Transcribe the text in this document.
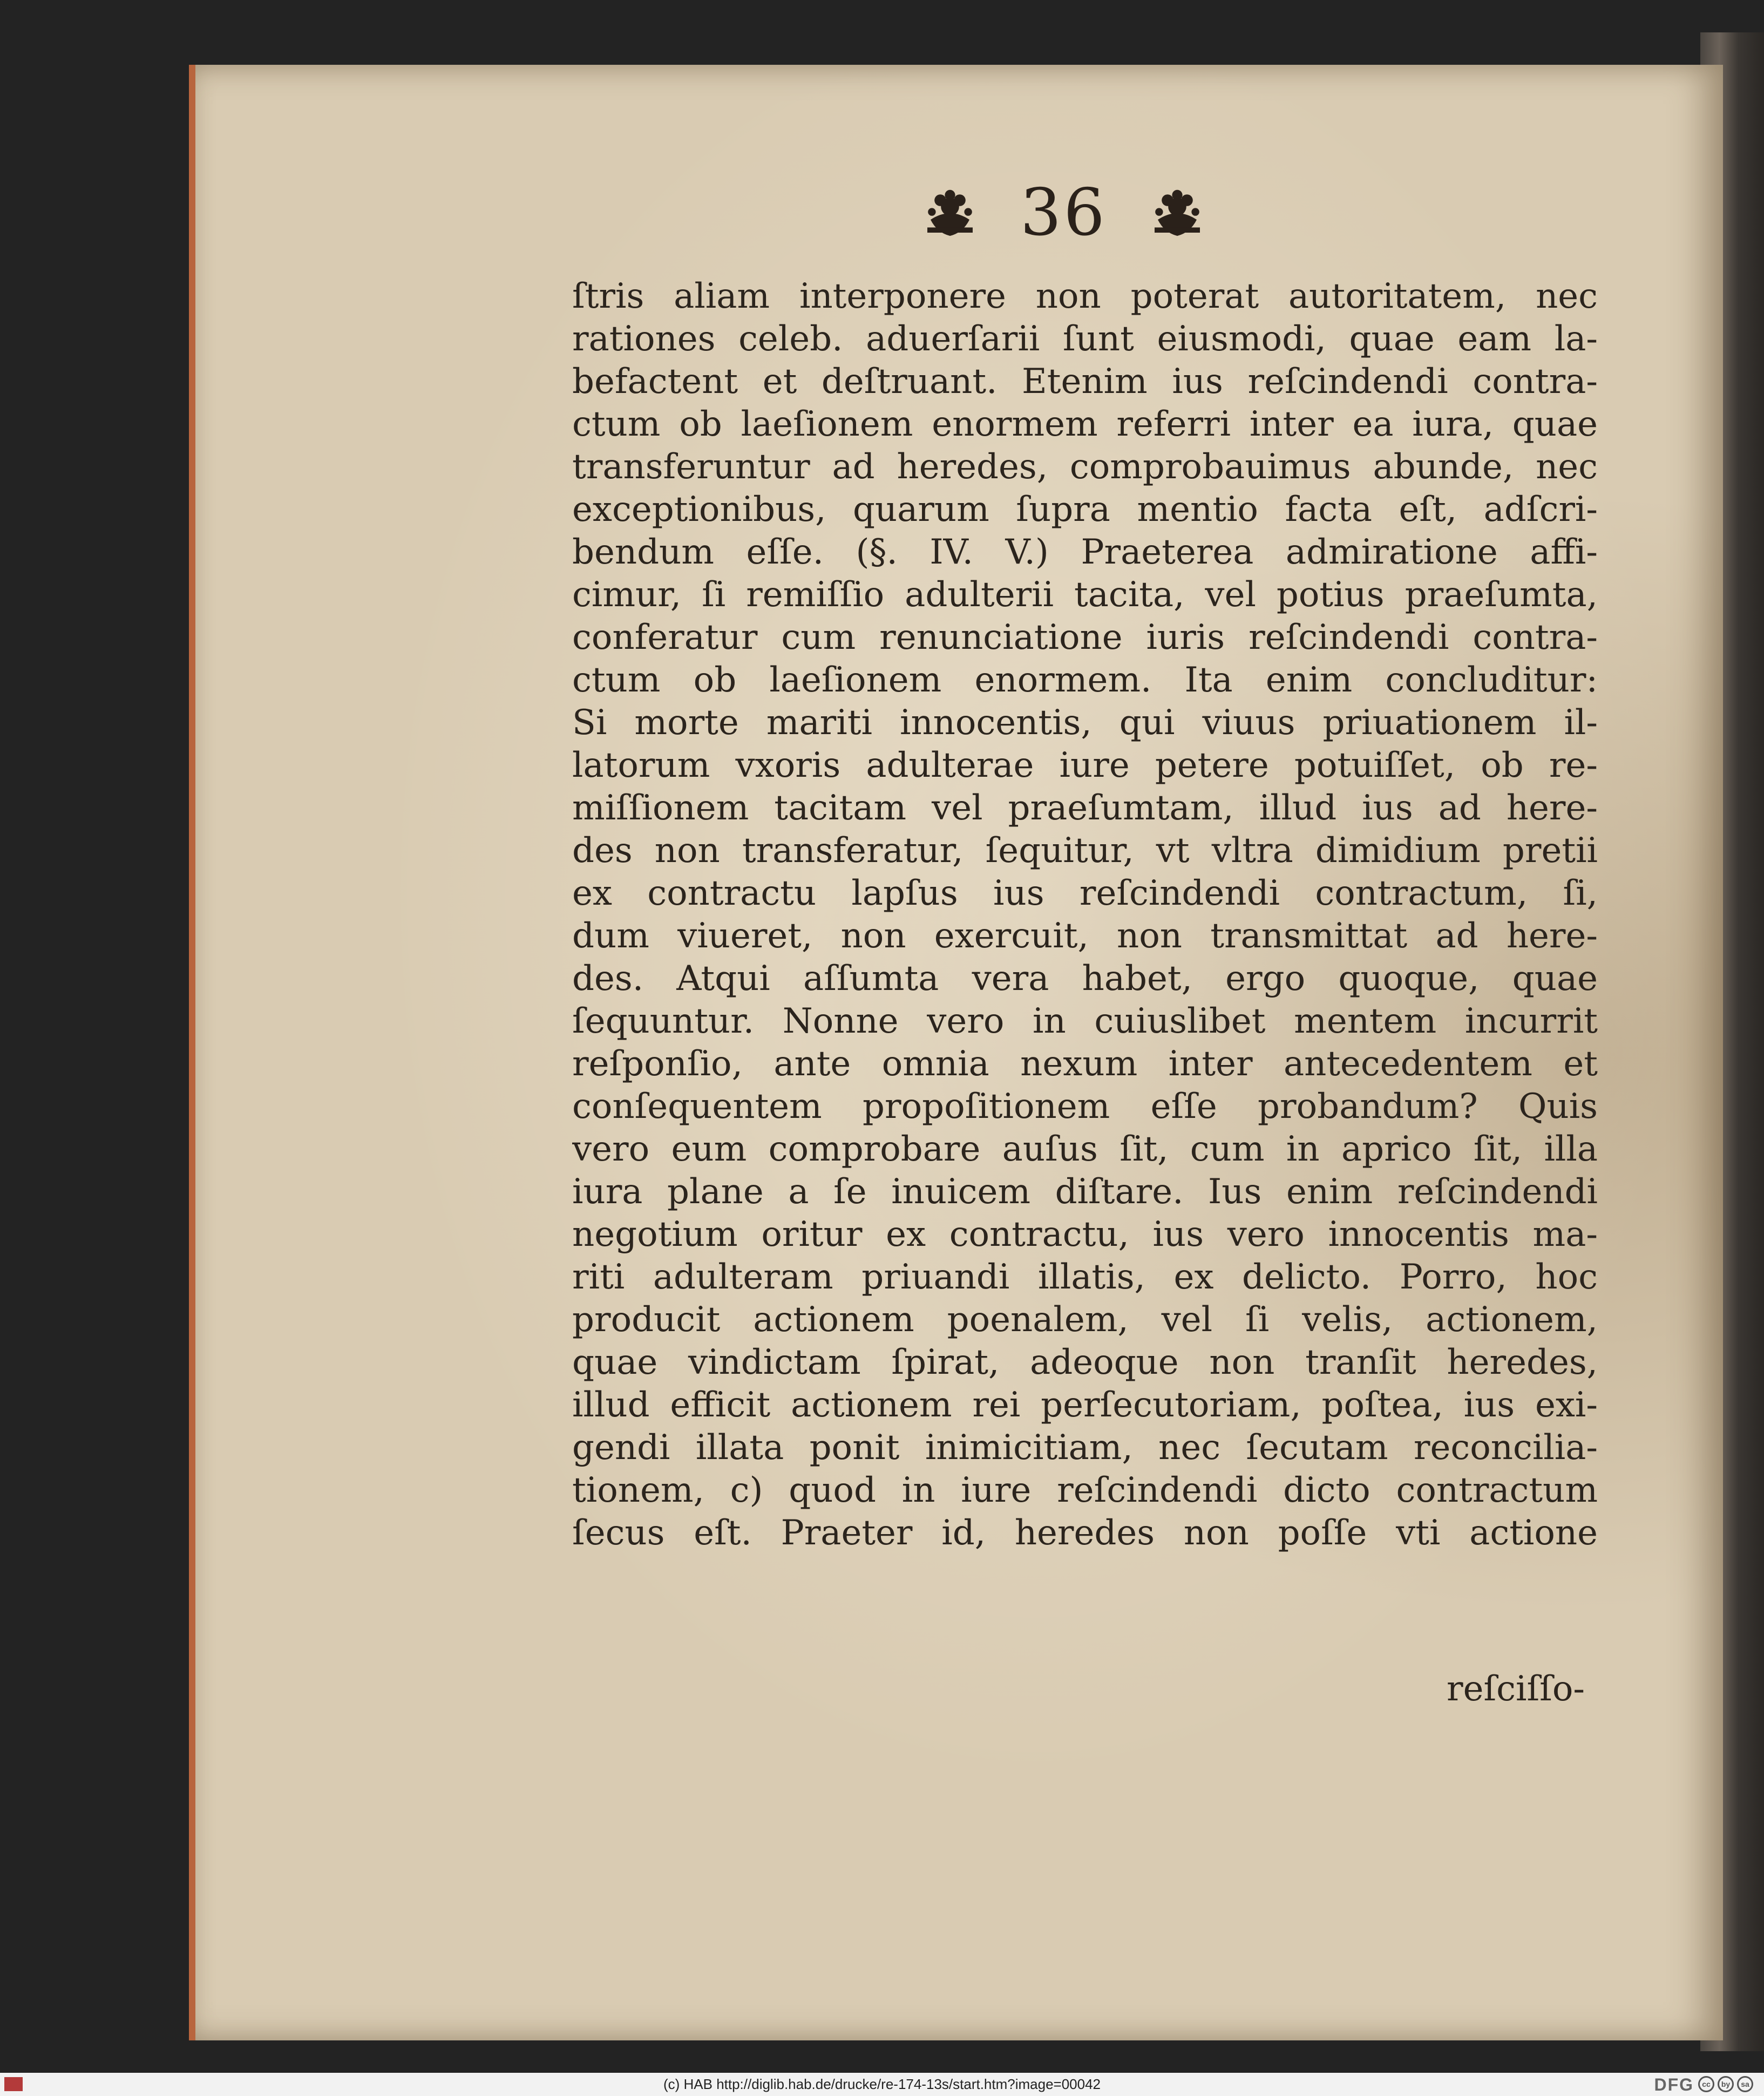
36
ſtris aliam interponere non poterat autoritatem, nec
rationes celeb. aduerſarii ſunt eiusmodi, quae eam la-
befactent et deſtruant. Etenim ius reſcindendi contra-
ctum ob laeſionem enormem referri inter ea iura, quae
transferuntur ad heredes, comprobauimus abunde, nec
exceptionibus, quarum ſupra mentio facta eſt, adſcri-
bendum eſſe. (§. IV. V.) Praeterea admiratione affi-
cimur, ſi remiſſio adulterii tacita, vel potius praeſumta,
conferatur cum renunciatione iuris reſcindendi contra-
ctum ob laeſionem enormem. Ita enim concluditur:
Si morte mariti innocentis, qui viuus priuationem il-
latorum vxoris adulterae iure petere potuiſſet, ob re-
miſſionem tacitam vel praeſumtam, illud ius ad here-
des non transferatur, ſequitur, vt vltra dimidium pretii
ex contractu lapſus ius reſcindendi contractum, ſi,
dum viueret, non exercuit, non transmittat ad here-
des. Atqui aſſumta vera habet, ergo quoque, quae
ſequuntur. Nonne vero in cuiuslibet mentem incurrit
reſponſio, ante omnia nexum inter antecedentem et
conſequentem propoſitionem eſſe probandum? Quis
vero eum comprobare auſus ſit, cum in aprico ſit, illa
iura plane a ſe inuicem diſtare. Ius enim reſcindendi
negotium oritur ex contractu, ius vero innocentis ma-
riti adulteram priuandi illatis, ex delicto. Porro, hoc
producit actionem poenalem, vel ſi velis, actionem,
quae vindictam ſpirat, adeoque non tranſit heredes,
illud efficit actionem rei perſecutoriam, poſtea, ius exi-
gendi illata ponit inimicitiam, nec ſecutam reconcilia-
tionem, c) quod in iure reſcindendi dicto contractum
ſecus eſt. Praeter id, heredes non poſſe vti actione
reſciſſo-
(c) HAB http://diglib.hab.de/drucke/re-174-13s/start.htm?image=00042	DFG	cc	by	sa
